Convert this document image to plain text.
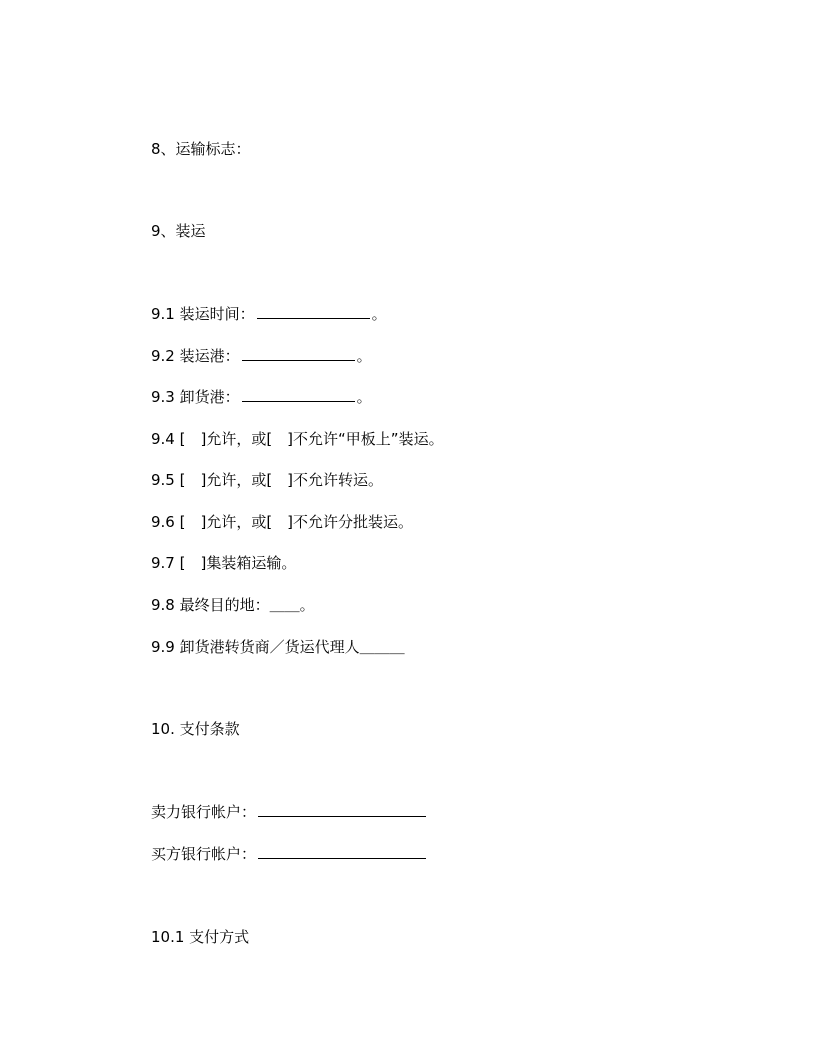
8、运输标志：
9、装运
9.1 装运时间：	。
9.2 装运港：	。
9.3 卸货港：	。
9.4 [　]允许，或[　]不允许“甲板上”装运。
9.5 [　]允许，或[　]不允许转运。
9.6 [　]允许，或[　]不允许分批装运。
9.7 [　]集装箱运输。
9.8 最终目的地：＿＿。
9.9 卸货港转货商／货运代理人＿＿＿
10. 支付条款
卖力银行帐户：
买方银行帐户：
10.1 支付方式
